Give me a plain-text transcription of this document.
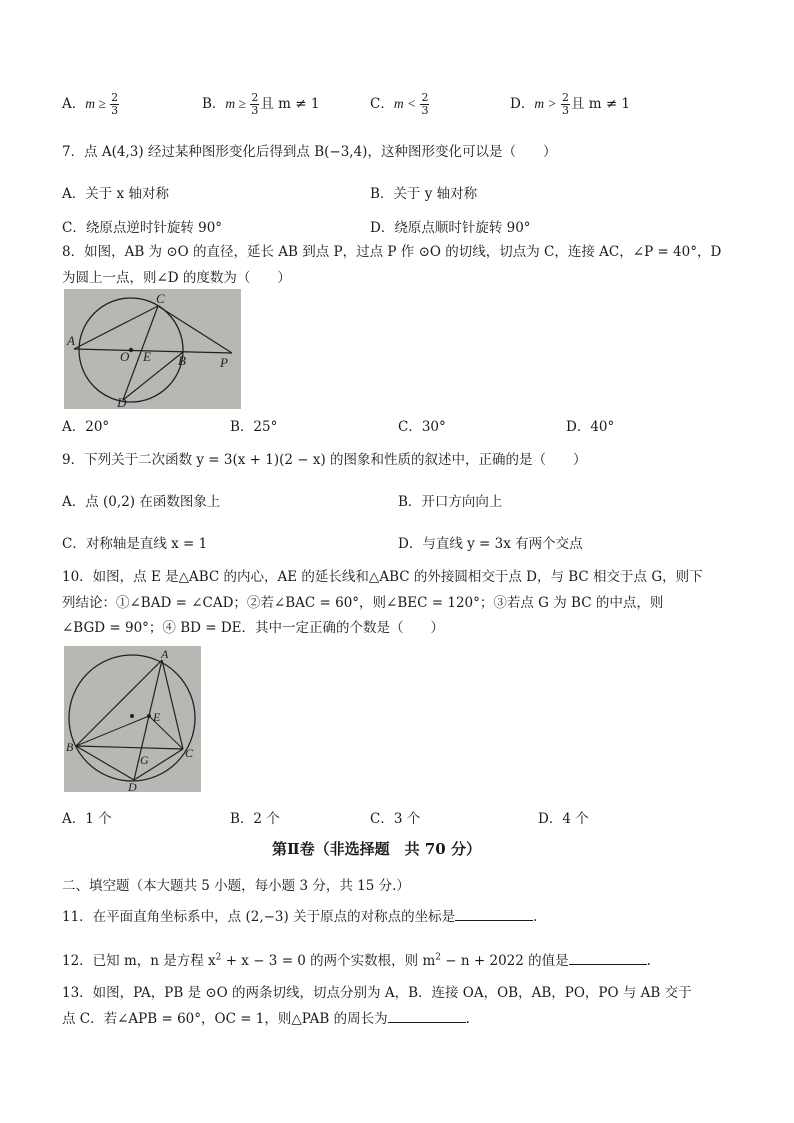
A．$m \ge \frac{2}{3}$	B．$m \ge \frac{2}{3}$ 且 m ≠ 1	C．$m < \frac{2}{3}$	D．$m > \frac{2}{3}$ 且 m ≠ 1
7．点 A(4,3) 经过某种图形变化后得到点 B(−3,4)，这种图形变化可以是（　　）
A．关于 x 轴对称	B．关于 y 轴对称
C．绕原点逆时针旋转 90°	D．绕原点顺时针旋转 90°
8．如图，AB 为 ⊙O 的直径，延长 AB 到点 P，过点 P 作 ⊙O 的切线，切点为 C，连接 AC，∠P = 40°，D
为圆上一点，则∠D 的度数为（　　）
A
O E B
C
P
D
A．20°	B．25°	C．30°	D．40°
9．下列关于二次函数 y = 3(x + 1)(2 − x) 的图象和性质的叙述中，正确的是（　　）
A．点 (0,2) 在函数图象上	B．开口方向向上
C．对称轴是直线 x = 1	D．与直线 y = 3x 有两个交点
10．如图，点 E 是△ABC 的内心，AE 的延长线和△ABC 的外接圆相交于点 D，与 BC 相交于点 G，则下
列结论：①∠BAD = ∠CAD；②若∠BAC = 60°，则∠BEC = 120°；③若点 G 为 BC 的中点，则
∠BGD = 90°；④ BD = DE．其中一定正确的个数是（　　）
A
E
B	C
G
D
A．1 个	B．2 个	C．3 个	D．4 个
第Ⅱ卷（非选择题　共 70 分）
二、填空题（本大题共 5 小题，每小题 3 分，共 15 分.）
11．在平面直角坐标系中，点 (2,−3) 关于原点的对称点的坐标是	.
12．已知 m，n 是方程 $x^2 + x - 3 = 0$ 的两个实数根，则 $m^2 - n + 2022$ 的值是	.
13．如图，PA，PB 是 ⊙O 的两条切线，切点分别为 A，B．连接 OA，OB，AB，PO，PO 与 AB 交于
点 C．若∠APB = 60°，OC = 1，则△PAB 的周长为	.
